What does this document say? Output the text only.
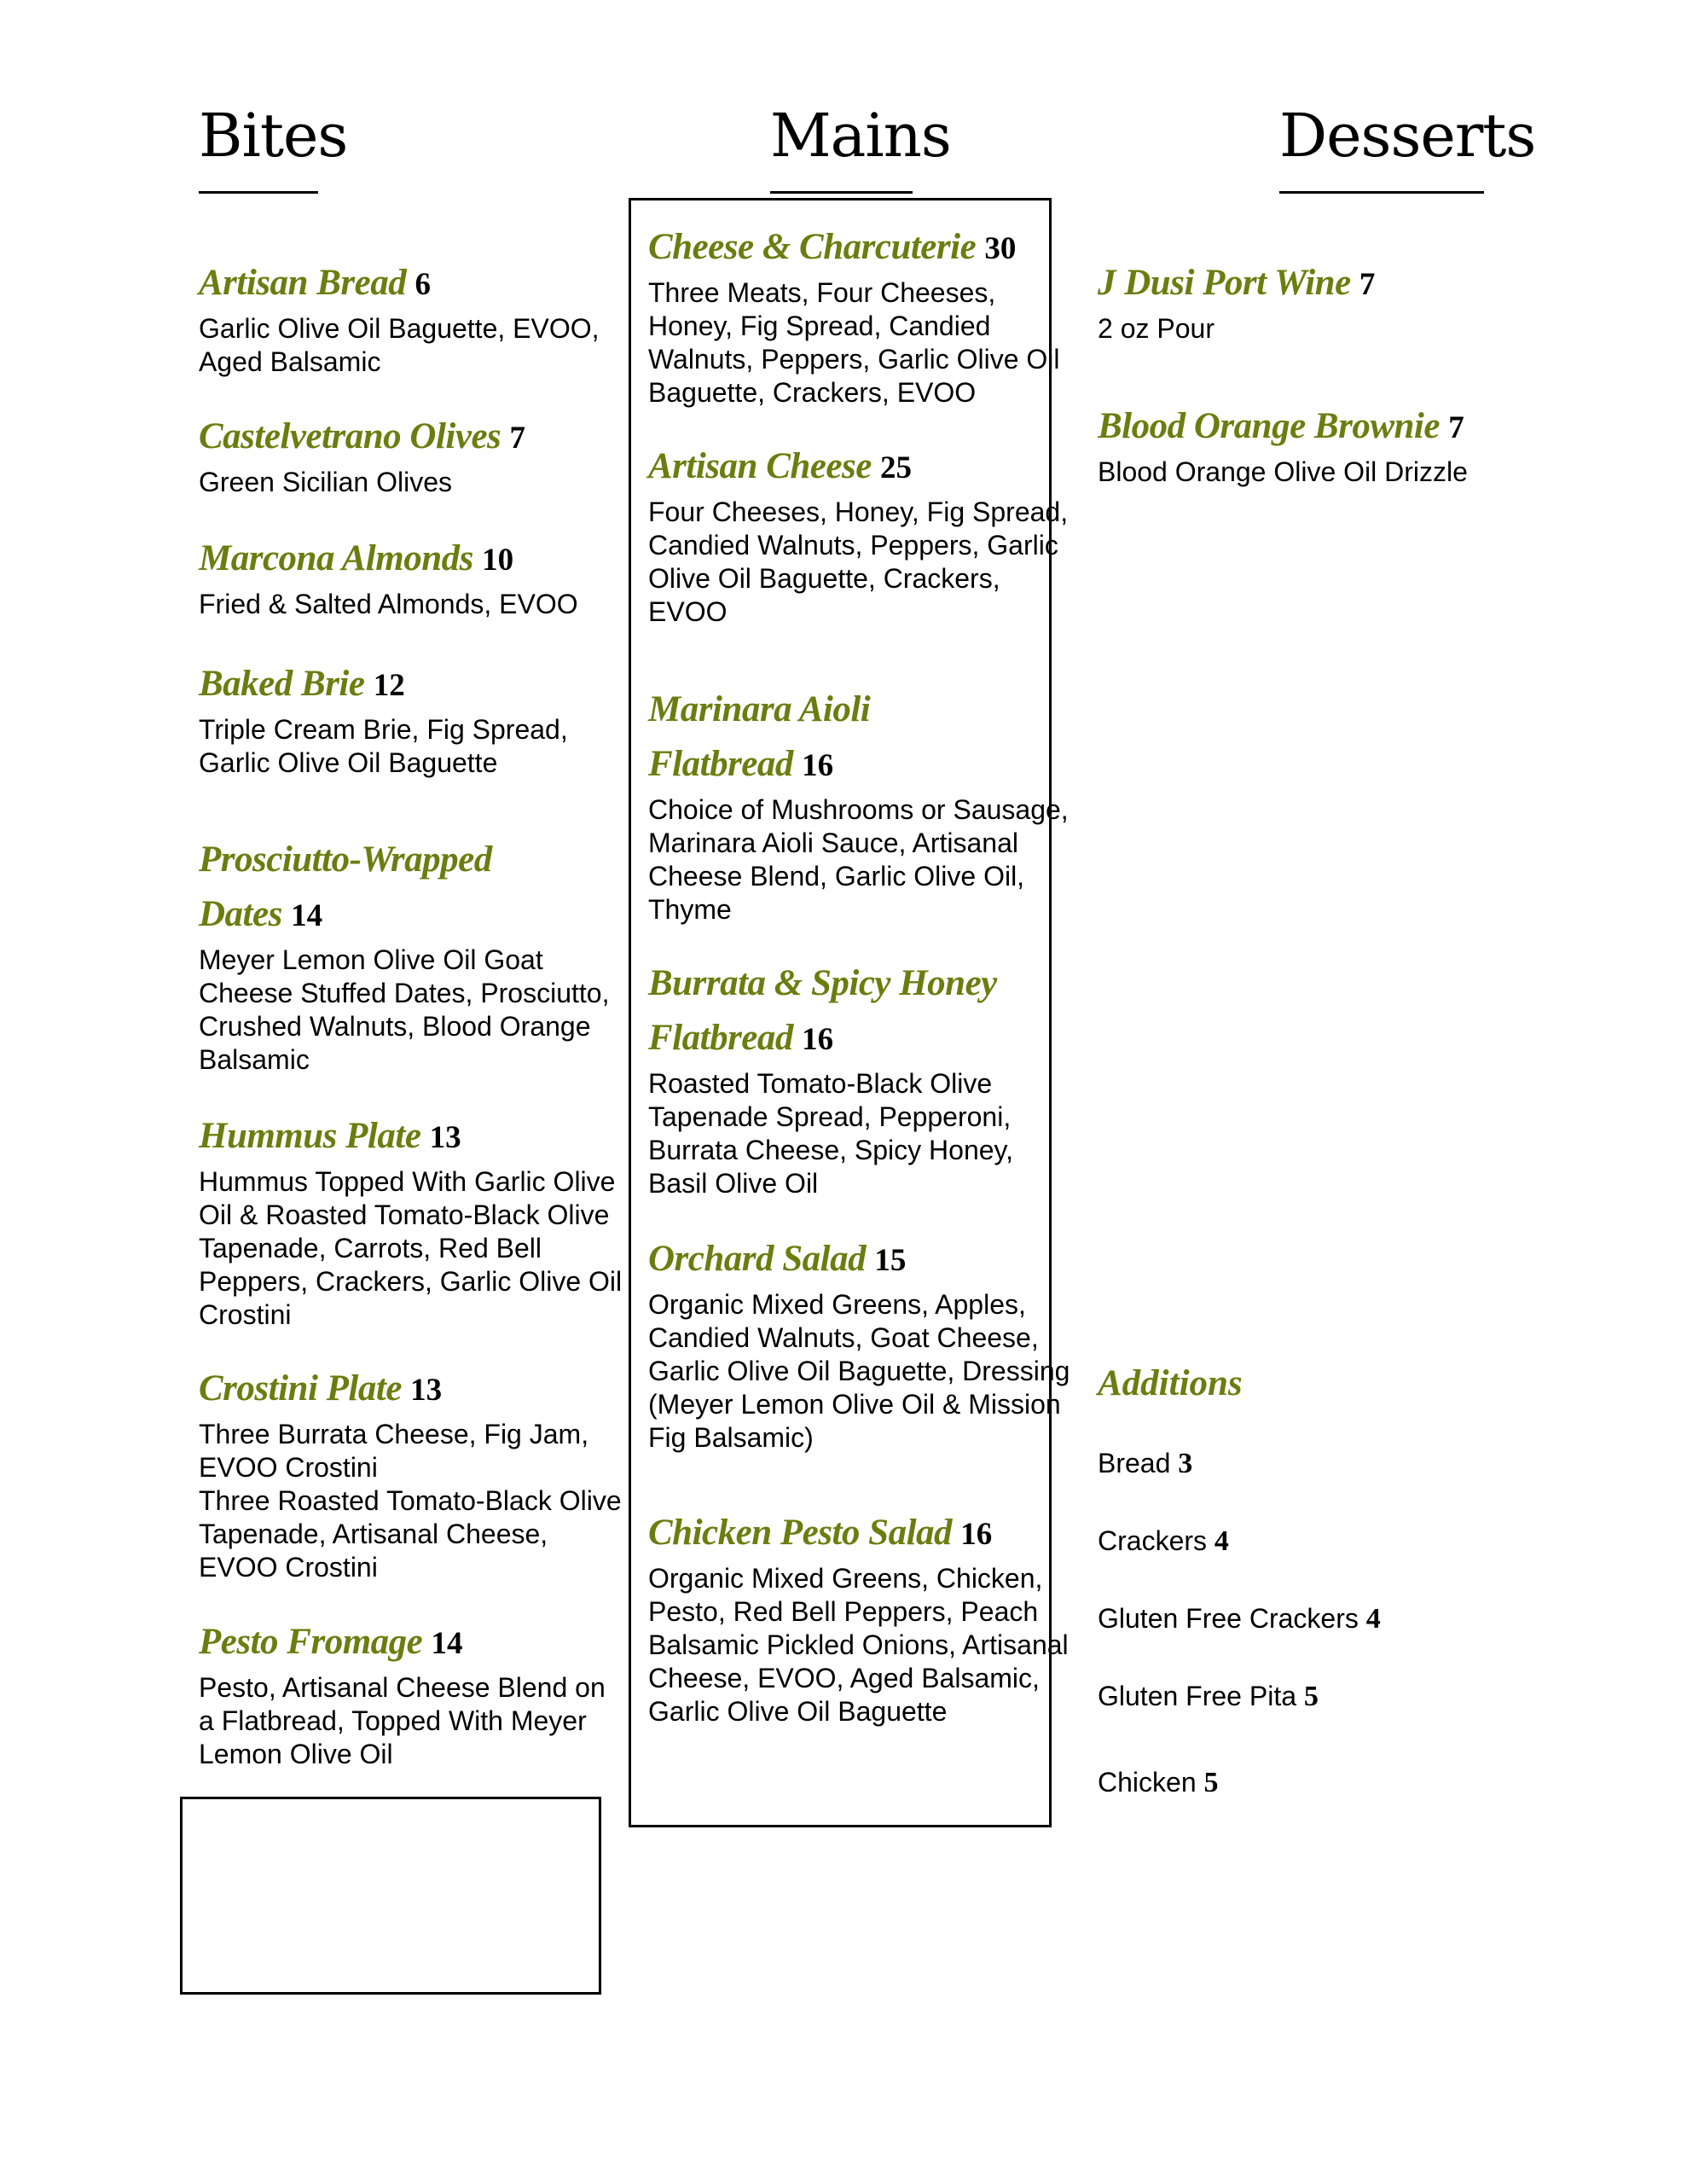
Bites	Mains	Desserts
Artisan Bread 6
Garlic Olive Oil Baguette, EVOO,
Aged Balsamic
Castelvetrano Olives 7
Green Sicilian Olives
Marcona Almonds 10
Fried & Salted Almonds, EVOO
Baked Brie 12
Triple Cream Brie, Fig Spread,
Garlic Olive Oil Baguette
Prosciutto-Wrapped
Dates 14
Meyer Lemon Olive Oil Goat
Cheese Stuffed Dates, Prosciutto,
Crushed Walnuts, Blood Orange
Balsamic
Hummus Plate 13
Hummus Topped With Garlic Olive
Oil & Roasted Tomato-Black Olive
Tapenade, Carrots, Red Bell
Peppers, Crackers, Garlic Olive Oil
Crostini
Crostini Plate 13
Three Burrata Cheese, Fig Jam,
EVOO Crostini
Three Roasted Tomato-Black Olive
Tapenade, Artisanal Cheese,
EVOO Crostini
Pesto Fromage 14
Pesto, Artisanal Cheese Blend on
a Flatbread, Topped With Meyer
Lemon Olive Oil
Cheese & Charcuterie 30
Three Meats, Four Cheeses,
Honey, Fig Spread, Candied
Walnuts, Peppers, Garlic Olive Oil
Baguette, Crackers, EVOO
Artisan Cheese 25
Four Cheeses, Honey, Fig Spread,
Candied Walnuts, Peppers, Garlic
Olive Oil Baguette, Crackers,
EVOO
Marinara Aioli
Flatbread 16
Choice of Mushrooms or Sausage,
Marinara Aioli Sauce, Artisanal
Cheese Blend, Garlic Olive Oil,
Thyme
Burrata & Spicy Honey
Flatbread 16
Roasted Tomato-Black Olive
Tapenade Spread, Pepperoni,
Burrata Cheese, Spicy Honey,
Basil Olive Oil
Orchard Salad 15
Organic Mixed Greens, Apples,
Candied Walnuts, Goat Cheese,
Garlic Olive Oil Baguette, Dressing
(Meyer Lemon Olive Oil & Mission
Fig Balsamic)
Chicken Pesto Salad 16
Organic Mixed Greens, Chicken,
Pesto, Red Bell Peppers, Peach
Balsamic Pickled Onions, Artisanal
Cheese, EVOO, Aged Balsamic,
Garlic Olive Oil Baguette
J Dusi Port Wine 7
2 oz Pour
Blood Orange Brownie 7
Blood Orange Olive Oil Drizzle
Additions
Bread 3
Crackers 4
Gluten Free Crackers 4
Gluten Free Pita 5
Chicken 5
